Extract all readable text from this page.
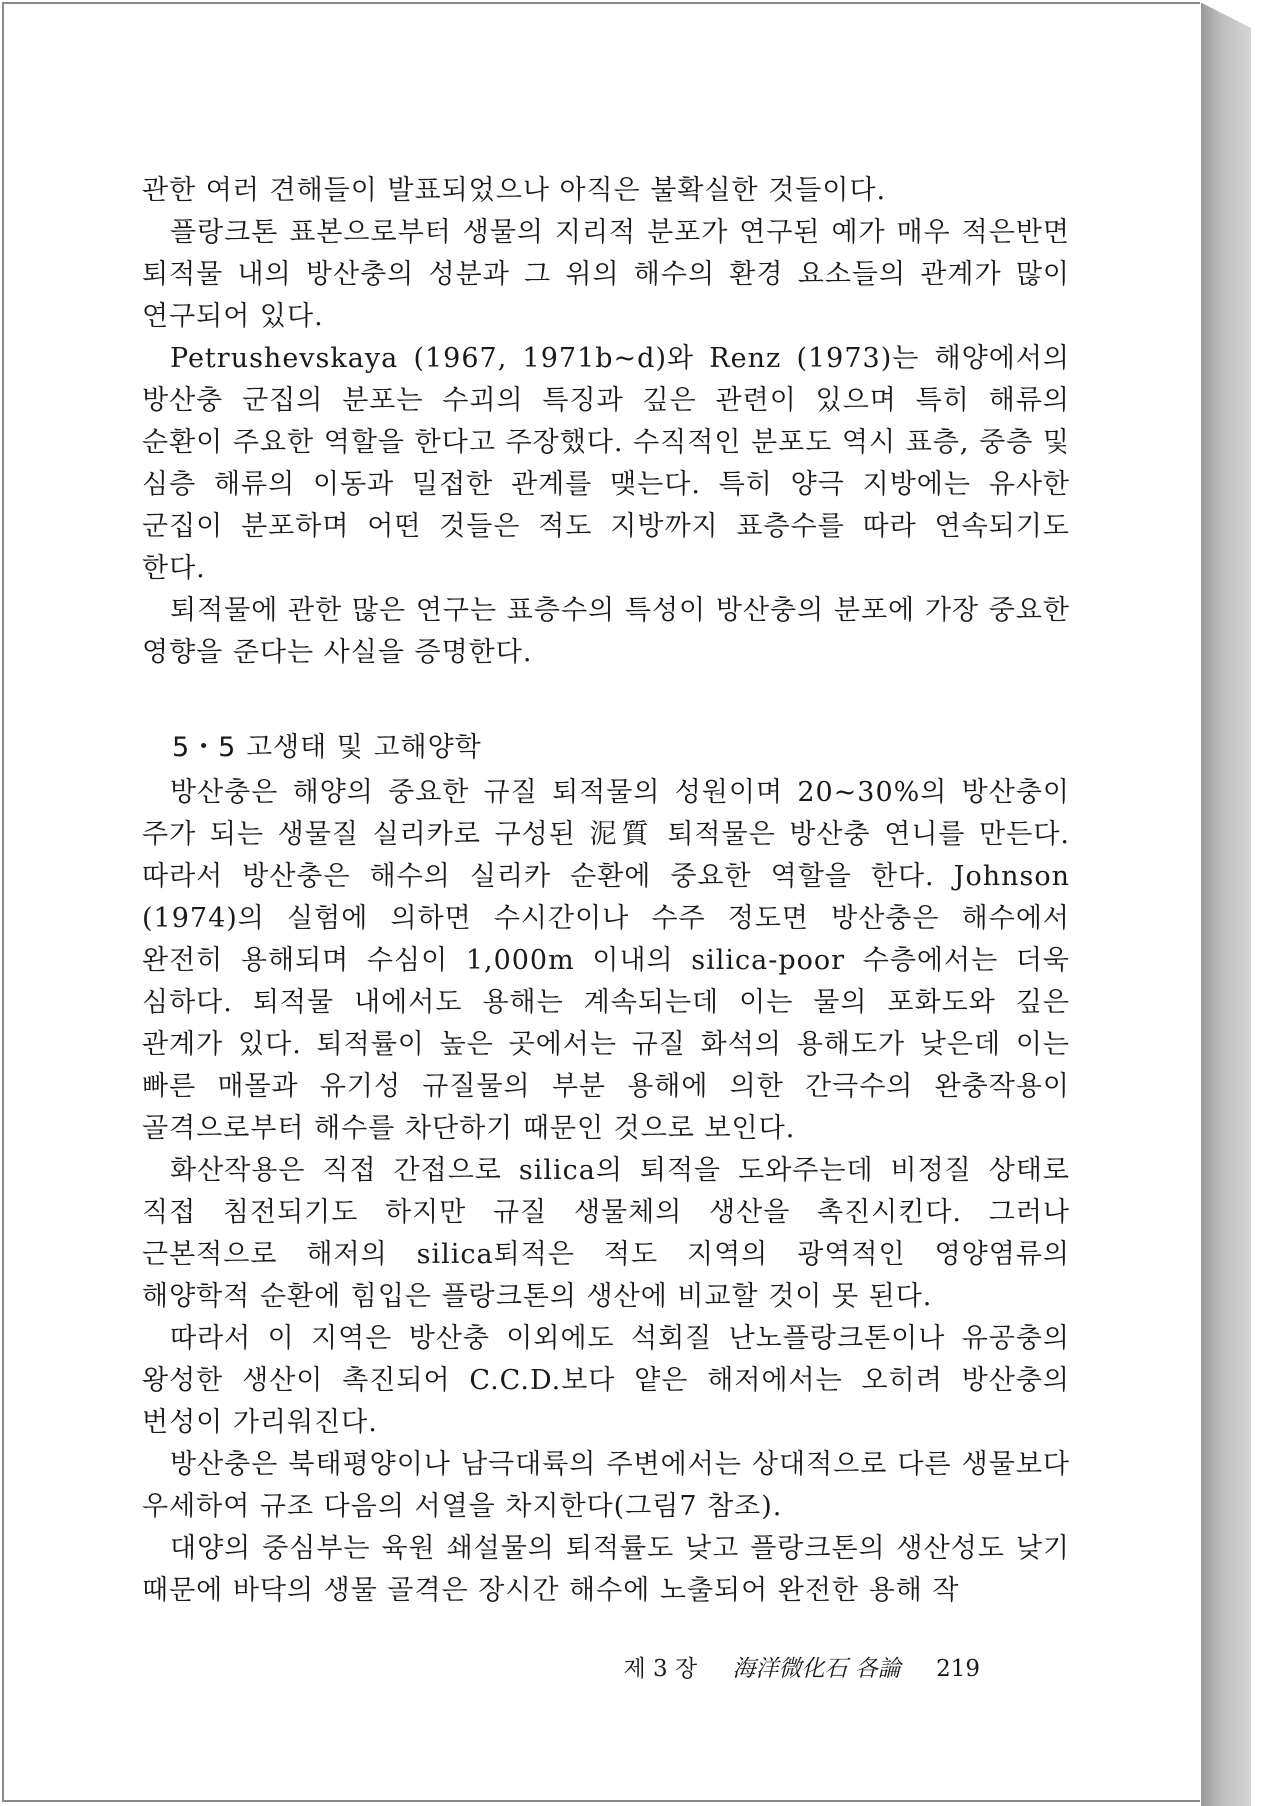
관한 여러 견해들이 발표되었으나 아직은 불확실한 것들이다.

플랑크톤 표본으로부터 생물의 지리적 분포가 연구된 예가 매우 적은반면 퇴적물 내의 방산충의 성분과 그 위의 해수의 환경 요소들의 관계가 많이 연구되어 있다.

Petrushevskaya (1967, 1971b~d)와 Renz (1973)는 해양에서의 방산충 군집의 분포는 수괴의 특징과 깊은 관련이 있으며 특히 해류의 순환이 주요한 역할을 한다고 주장했다. 수직적인 분포도 역시 표층, 중층 및 심층 해류의 이동과 밀접한 관계를 맺는다. 특히 양극 지방에는 유사한 군집이 분포하며 어떤 것들은 적도 지방까지 표층수를 따라 연속되기도 한다.

퇴적물에 관한 많은 연구는 표층수의 특성이 방산충의 분포에 가장 중요한 영향을 준다는 사실을 증명한다.

5・5 고생태 및 고해양학

방산충은 해양의 중요한 규질 퇴적물의 성원이며 20~30%의 방산충이 주가 되는 생물질 실리카로 구성된 泥質 퇴적물은 방산충 연니를 만든다. 따라서 방산충은 해수의 실리카 순환에 중요한 역할을 한다. Johnson (1974)의 실험에 의하면 수시간이나 수주 정도면 방산충은 해수에서 완전히 용해되며 수심이 1,000m 이내의 silica-poor 수층에서는 더욱 심하다. 퇴적물 내에서도 용해는 계속되는데 이는 물의 포화도와 깊은 관계가 있다. 퇴적률이 높은 곳에서는 규질 화석의 용해도가 낮은데 이는 빠른 매몰과 유기성 규질물의 부분 용해에 의한 간극수의 완충작용이 골격으로부터 해수를 차단하기 때문인 것으로 보인다.

화산작용은 직접 간접으로 silica의 퇴적을 도와주는데 비정질 상태로 직접 침전되기도 하지만 규질 생물체의 생산을 촉진시킨다. 그러나 근본적으로 해저의 silica퇴적은 적도 지역의 광역적인 영양염류의 해양학적 순환에 힘입은 플랑크톤의 생산에 비교할 것이 못 된다.

따라서 이 지역은 방산충 이외에도 석회질 난노플랑크톤이나 유공충의 왕성한 생산이 촉진되어 C.C.D.보다 얕은 해저에서는 오히려 방산충의 번성이 가리워진다.

방산충은 북태평양이나 남극대륙의 주변에서는 상대적으로 다른 생물보다 우세하여 규조 다음의 서열을 차지한다(그림7 참조).

대양의 중심부는 육원 쇄설물의 퇴적률도 낮고 플랑크톤의 생산성도 낮기 때문에 바닥의 생물 골격은 장시간 해수에 노출되어 완전한 용해 작

제 3 장 海洋微化石 各論 219
